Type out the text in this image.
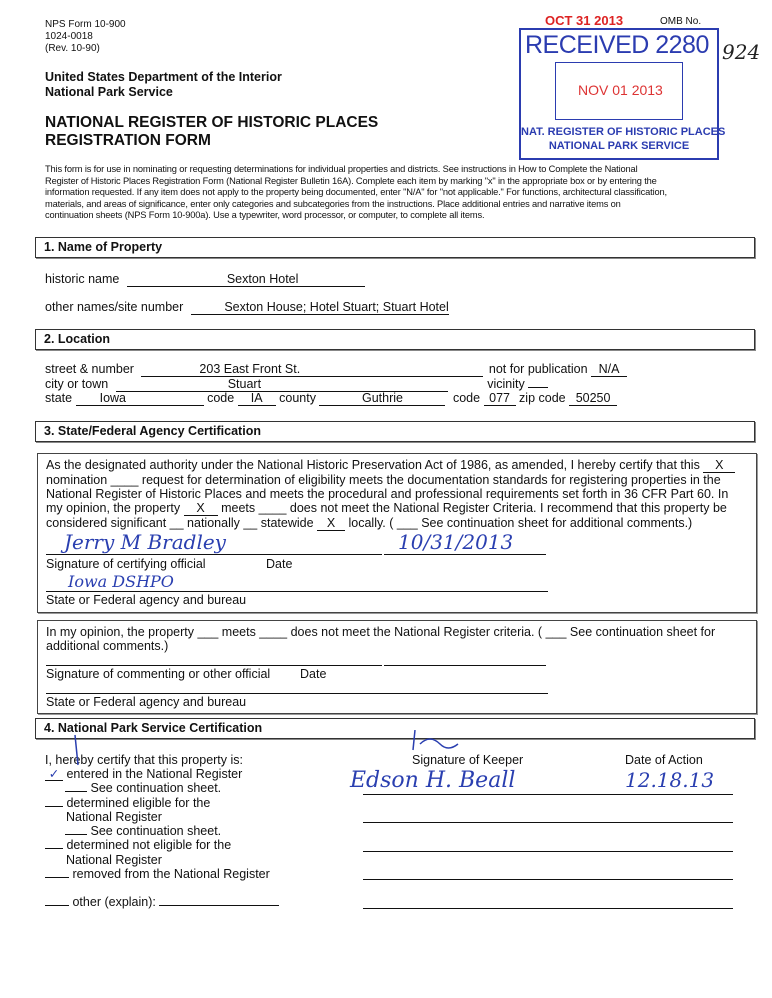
NPS Form 10-900
1024-0018
(Rev. 10-90)
OMB No.
United States Department of the Interior
National Park Service
NATIONAL REGISTER OF HISTORIC PLACES
REGISTRATION FORM
OCT 31 2013
RECEIVED 2280
NOV 01 2013
NAT. REGISTER OF HISTORIC PLACES
NATIONAL PARK SERVICE
924
This form is for use in nominating or requesting determinations for individual properties and districts. See instructions in How to Complete the National
Register of Historic Places Registration Form (National Register Bulletin 16A). Complete each item by marking "x" in the appropriate box or by entering the
information requested. If any item does not apply to the property being documented, enter "N/A" for "not applicable." For functions, architectural classification,
materials, and areas of significance, enter only categories and subcategories from the instructions. Place additional entries and narrative items on
continuation sheets (NPS Form 10-900a). Use a typewriter, word processor, or computer, to complete all items.
1. Name of Property
historic name	Sexton Hotel
other names/site number	Sexton House; Hotel Stuart; Stuart Hotel
2. Location
street & number	203 East Front St.	not for publication N/A
city or town	Stuart	vicinity
state Iowa	code IA county	Guthrie	code 077 zip code 50250
3. State/Federal Agency Certification
As the designated authority under the National Historic Preservation Act of 1986, as amended, I hereby certify that this X
nomination ____ request for determination of eligibility meets the documentation standards for registering properties in the
National Register of Historic Places and meets the procedural and professional requirements set forth in 36 CFR Part 60. In
my opinion, the property X meets ____ does not meet the National Register Criteria. I recommend that this property be
considered significant __ nationally __ statewide X locally. ( ___ See continuation sheet for additional comments.)
Jerry M Bradley	10/31/2013
Signature of certifying official	Date
Iowa DSHPO
State or Federal agency and bureau
In my opinion, the property ___ meets ____ does not meet the National Register criteria. ( ___ See continuation sheet for
additional comments.)
Signature of commenting or other official Date
State or Federal agency and bureau
4. National Park Service Certification
I, hereby certify that this property is:	Signature of Keeper	Date of Action
Edson H. Beall	12.18.13
✓ entered in the National Register
See continuation sheet.
determined eligible for the
National Register
See continuation sheet.
determined not eligible for the
National Register
removed from the National Register
other (explain):
